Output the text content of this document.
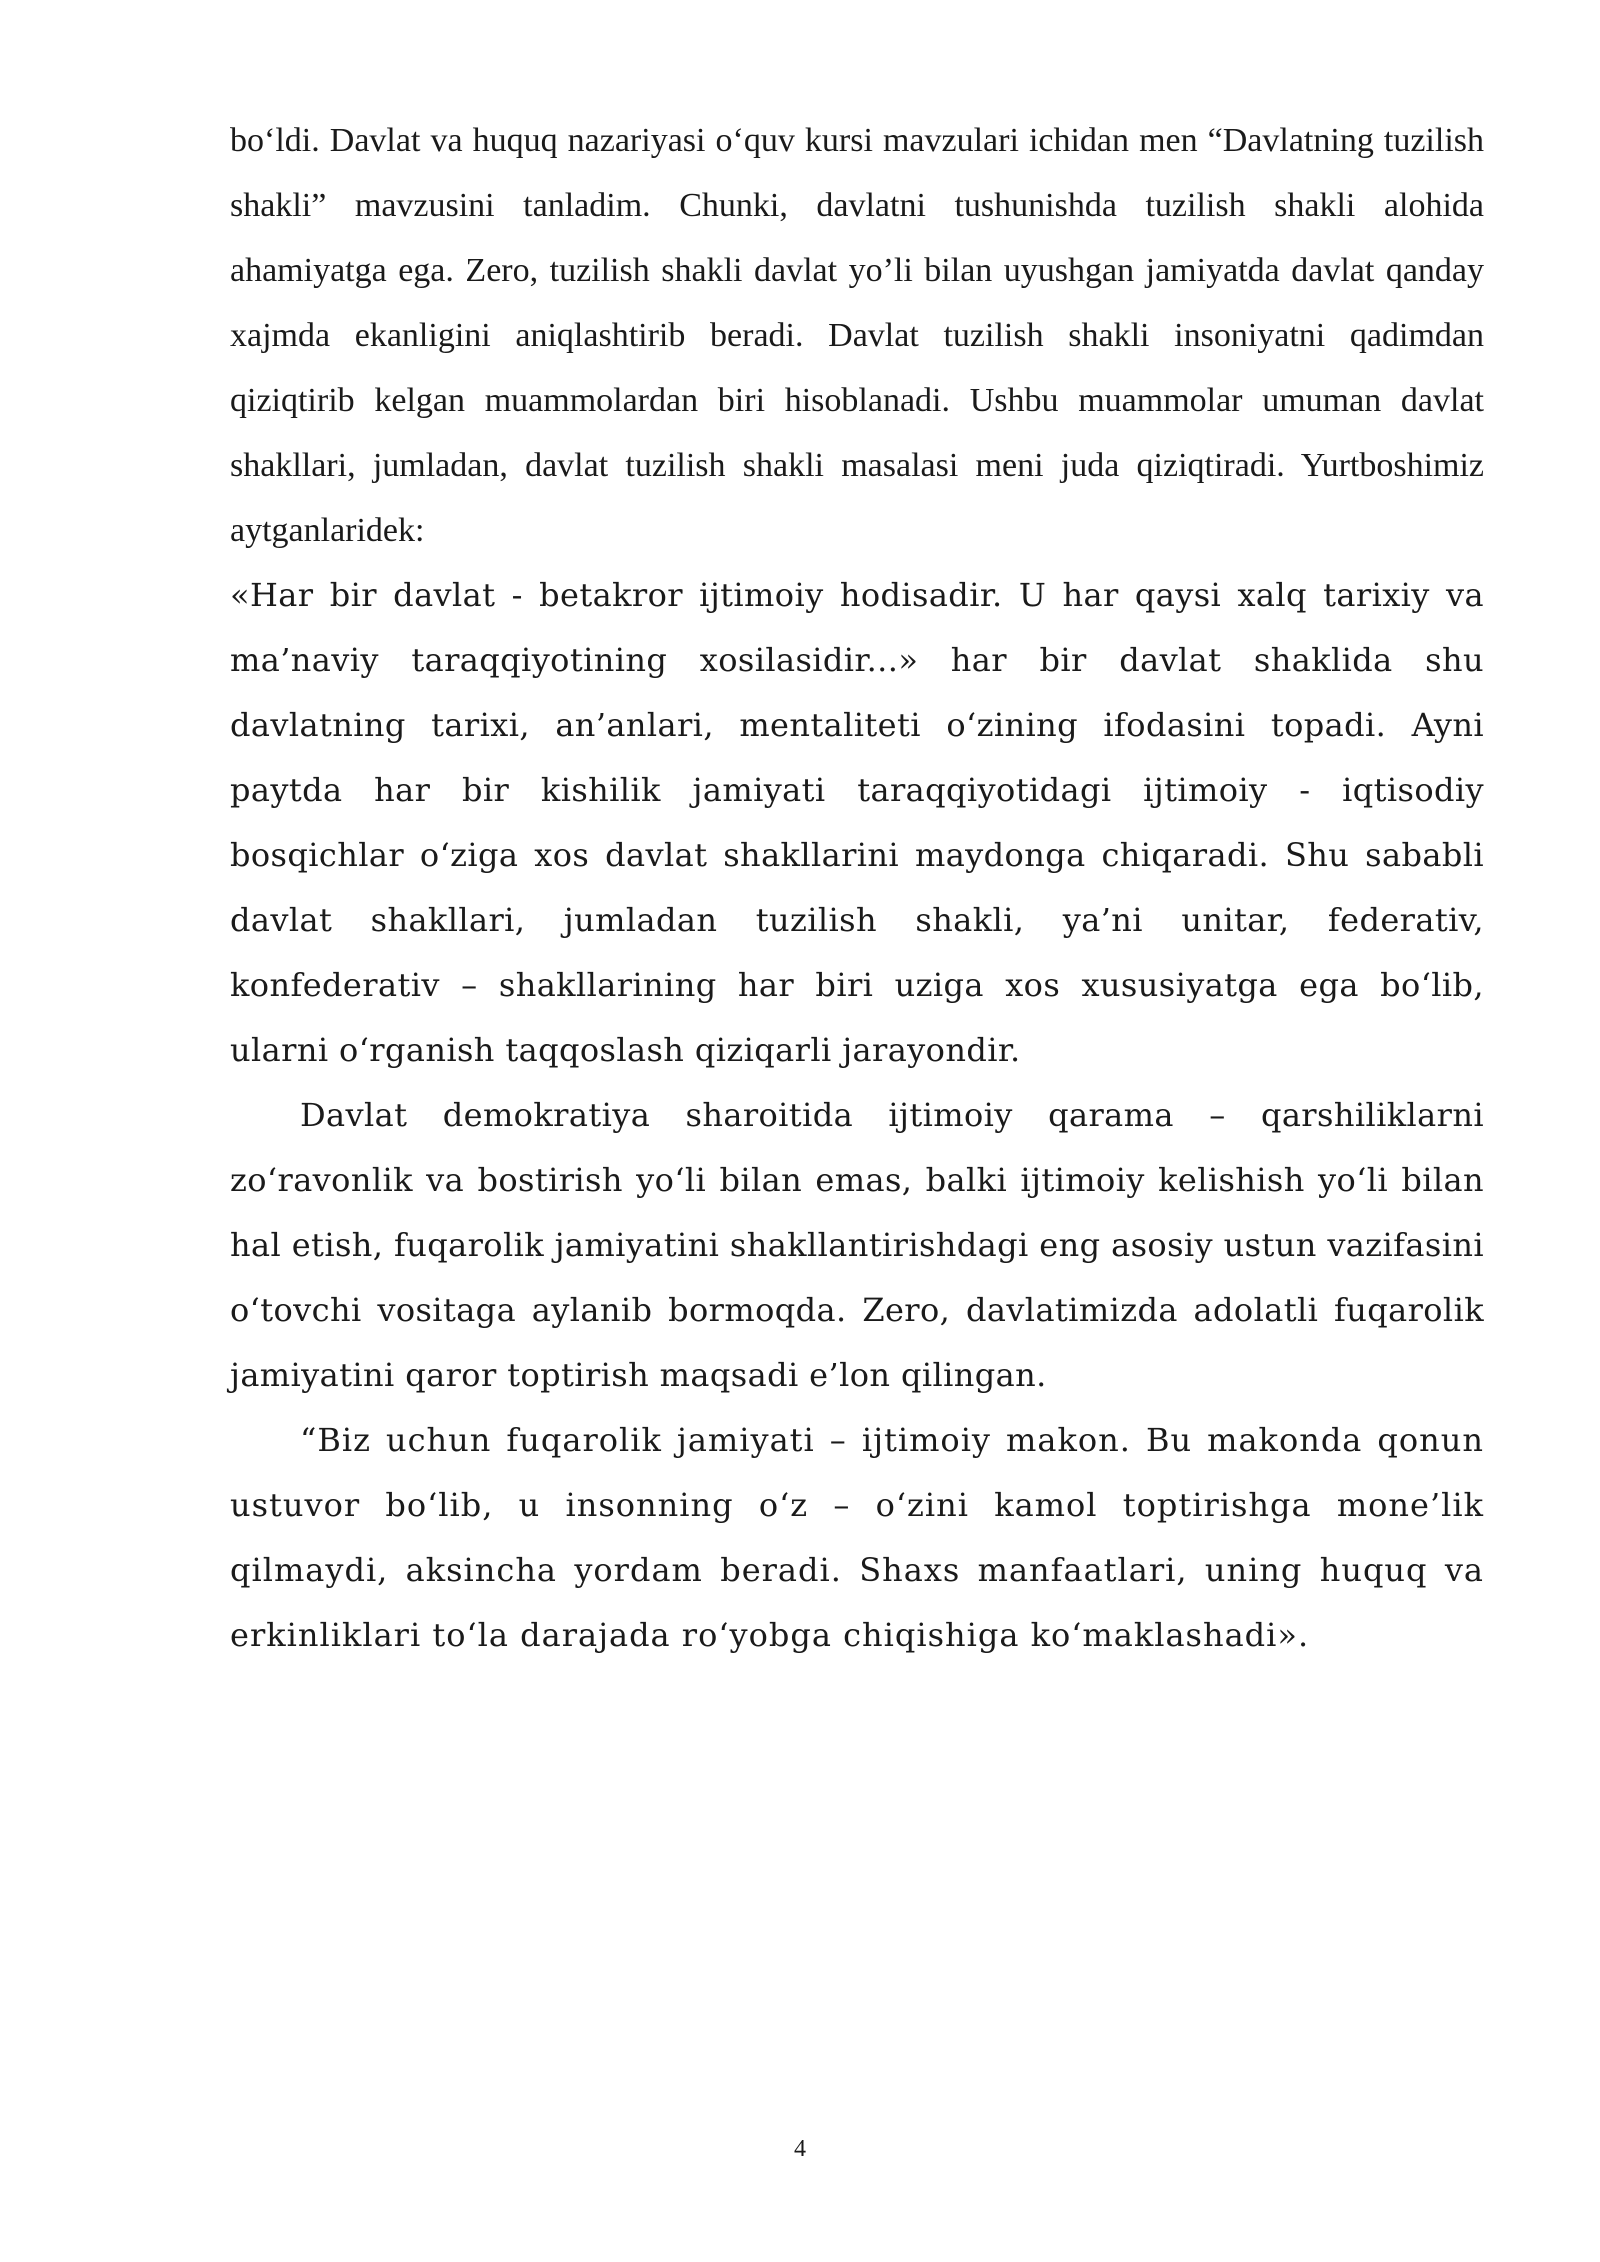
bo‘ldi. Davlat va huquq nazariyasi o‘quv kursi mavzulari ichidan men “Davlatning tuzilish shakli” mavzusini tanladim. Chunki, davlatni tushunishda tuzilish shakli alohida ahamiyatga ega. Zero, tuzilish shakli davlat yo’li bilan uyushgan jamiyatda davlat qanday xajmda ekanligini aniqlashtirib beradi. Davlat tuzilish shakli insoniyatni qadimdan qiziqtirib kelgan muammolardan biri hisoblanadi. Ushbu muammolar umuman davlat shakllari, jumladan, davlat tuzilish shakli masalasi meni juda qiziqtiradi. Yurtboshimiz aytganlaridek:

«Har bir davlat - betakror ijtimoiy hodisadir. U har qaysi xalq tarixiy va ma’naviy taraqqiyotining xosilasidir...» har bir davlat shaklida shu davlatning tarixi, an’anlari, mentaliteti o‘zining ifodasini topadi. Ayni paytda har bir kishilik jamiyati taraqqiyotidagi ijtimoiy - iqtisodiy bosqichlar o‘ziga xos davlat shakllarini maydonga chiqaradi. Shu sababli davlat shakllari, jumladan tuzilish shakli, ya’ni unitar, federativ, konfederativ – shakllarining har biri uziga xos xususiyatga ega bo‘lib, ularni o‘rganish taqqoslash qiziqarli jarayondir.

Davlat demokratiya sharoitida ijtimoiy qarama – qarshiliklarni zo‘ravonlik va bostirish yo‘li bilan emas, balki ijtimoiy kelishish yo‘li bilan hal etish, fuqarolik jamiyatini shakllantirishdagi eng asosiy ustun vazifasini o‘tovchi vositaga aylanib bormoqda. Zero, davlatimizda adolatli fuqarolik jamiyatini qaror toptirish maqsadi e’lon qilingan.

“Biz uchun fuqarolik jamiyati – ijtimoiy makon. Bu makonda qonun ustuvor bo‘lib, u insonning o‘z – o‘zini kamol toptirishga mone’lik qilmaydi, aksincha yordam beradi. Shaxs manfaatlari, uning huquq va erkinliklari to‘la darajada ro‘yobga chiqishiga ko‘maklashadi».

4
